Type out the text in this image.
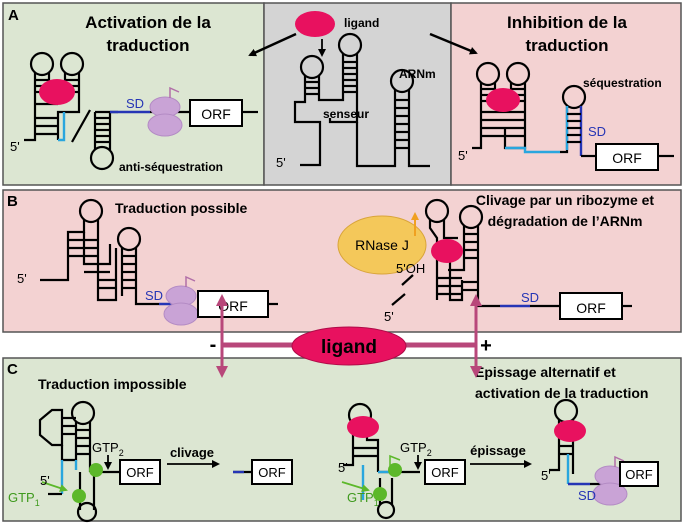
A	Activation de la
traduction
Inhibition de la
traduction
SD
ORF
5'
anti-séquestration
ligand
ARNm
senseur
5'
séquestration
SD
ORF
5'
B	Traduction possible	Clivage par un ribozyme et
dégradation de l’ARNm
SD
ORF
5'
RNase J
5'OH
5'
SD
ORF
C
Traduction impossible
Epissage alternatif et
activation de la traduction
5'
$GTP_2$
$GTP_1$
ORF
clivage
ORF	5'
$GTP_2$
$GTP_1$
ORF
épissage
5'
SD
ORF
ligand
-	+
